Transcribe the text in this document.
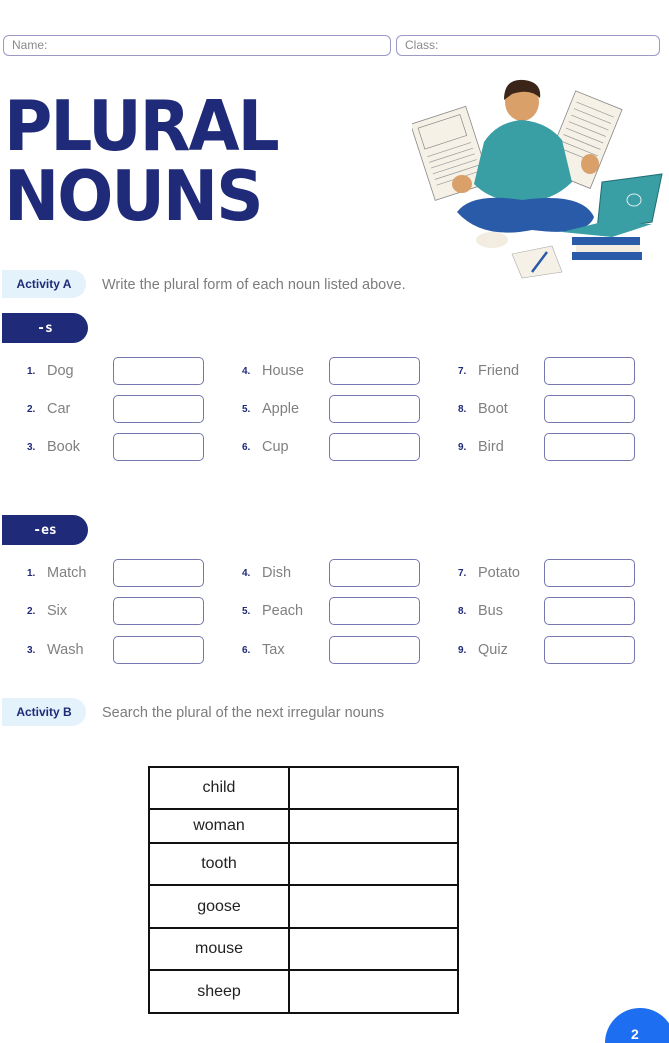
Name:	Class:
PLURAL
NOUNS
Activity A	Write the plural form of each noun listed above.
-s
1. Dog
2. Car
3. Book
4. House
5. Apple
6. Cup
7. Friend
8. Boot
9. Bird
-es
1. Match
2. Six
3. Wash
4. Dish
5. Peach
6. Tax
7. Potato
8. Bus
9. Quiz
Activity B	Search the plural of the next irregular nouns
child	
woman	
tooth	
goose	
mouse	
sheep	
2
